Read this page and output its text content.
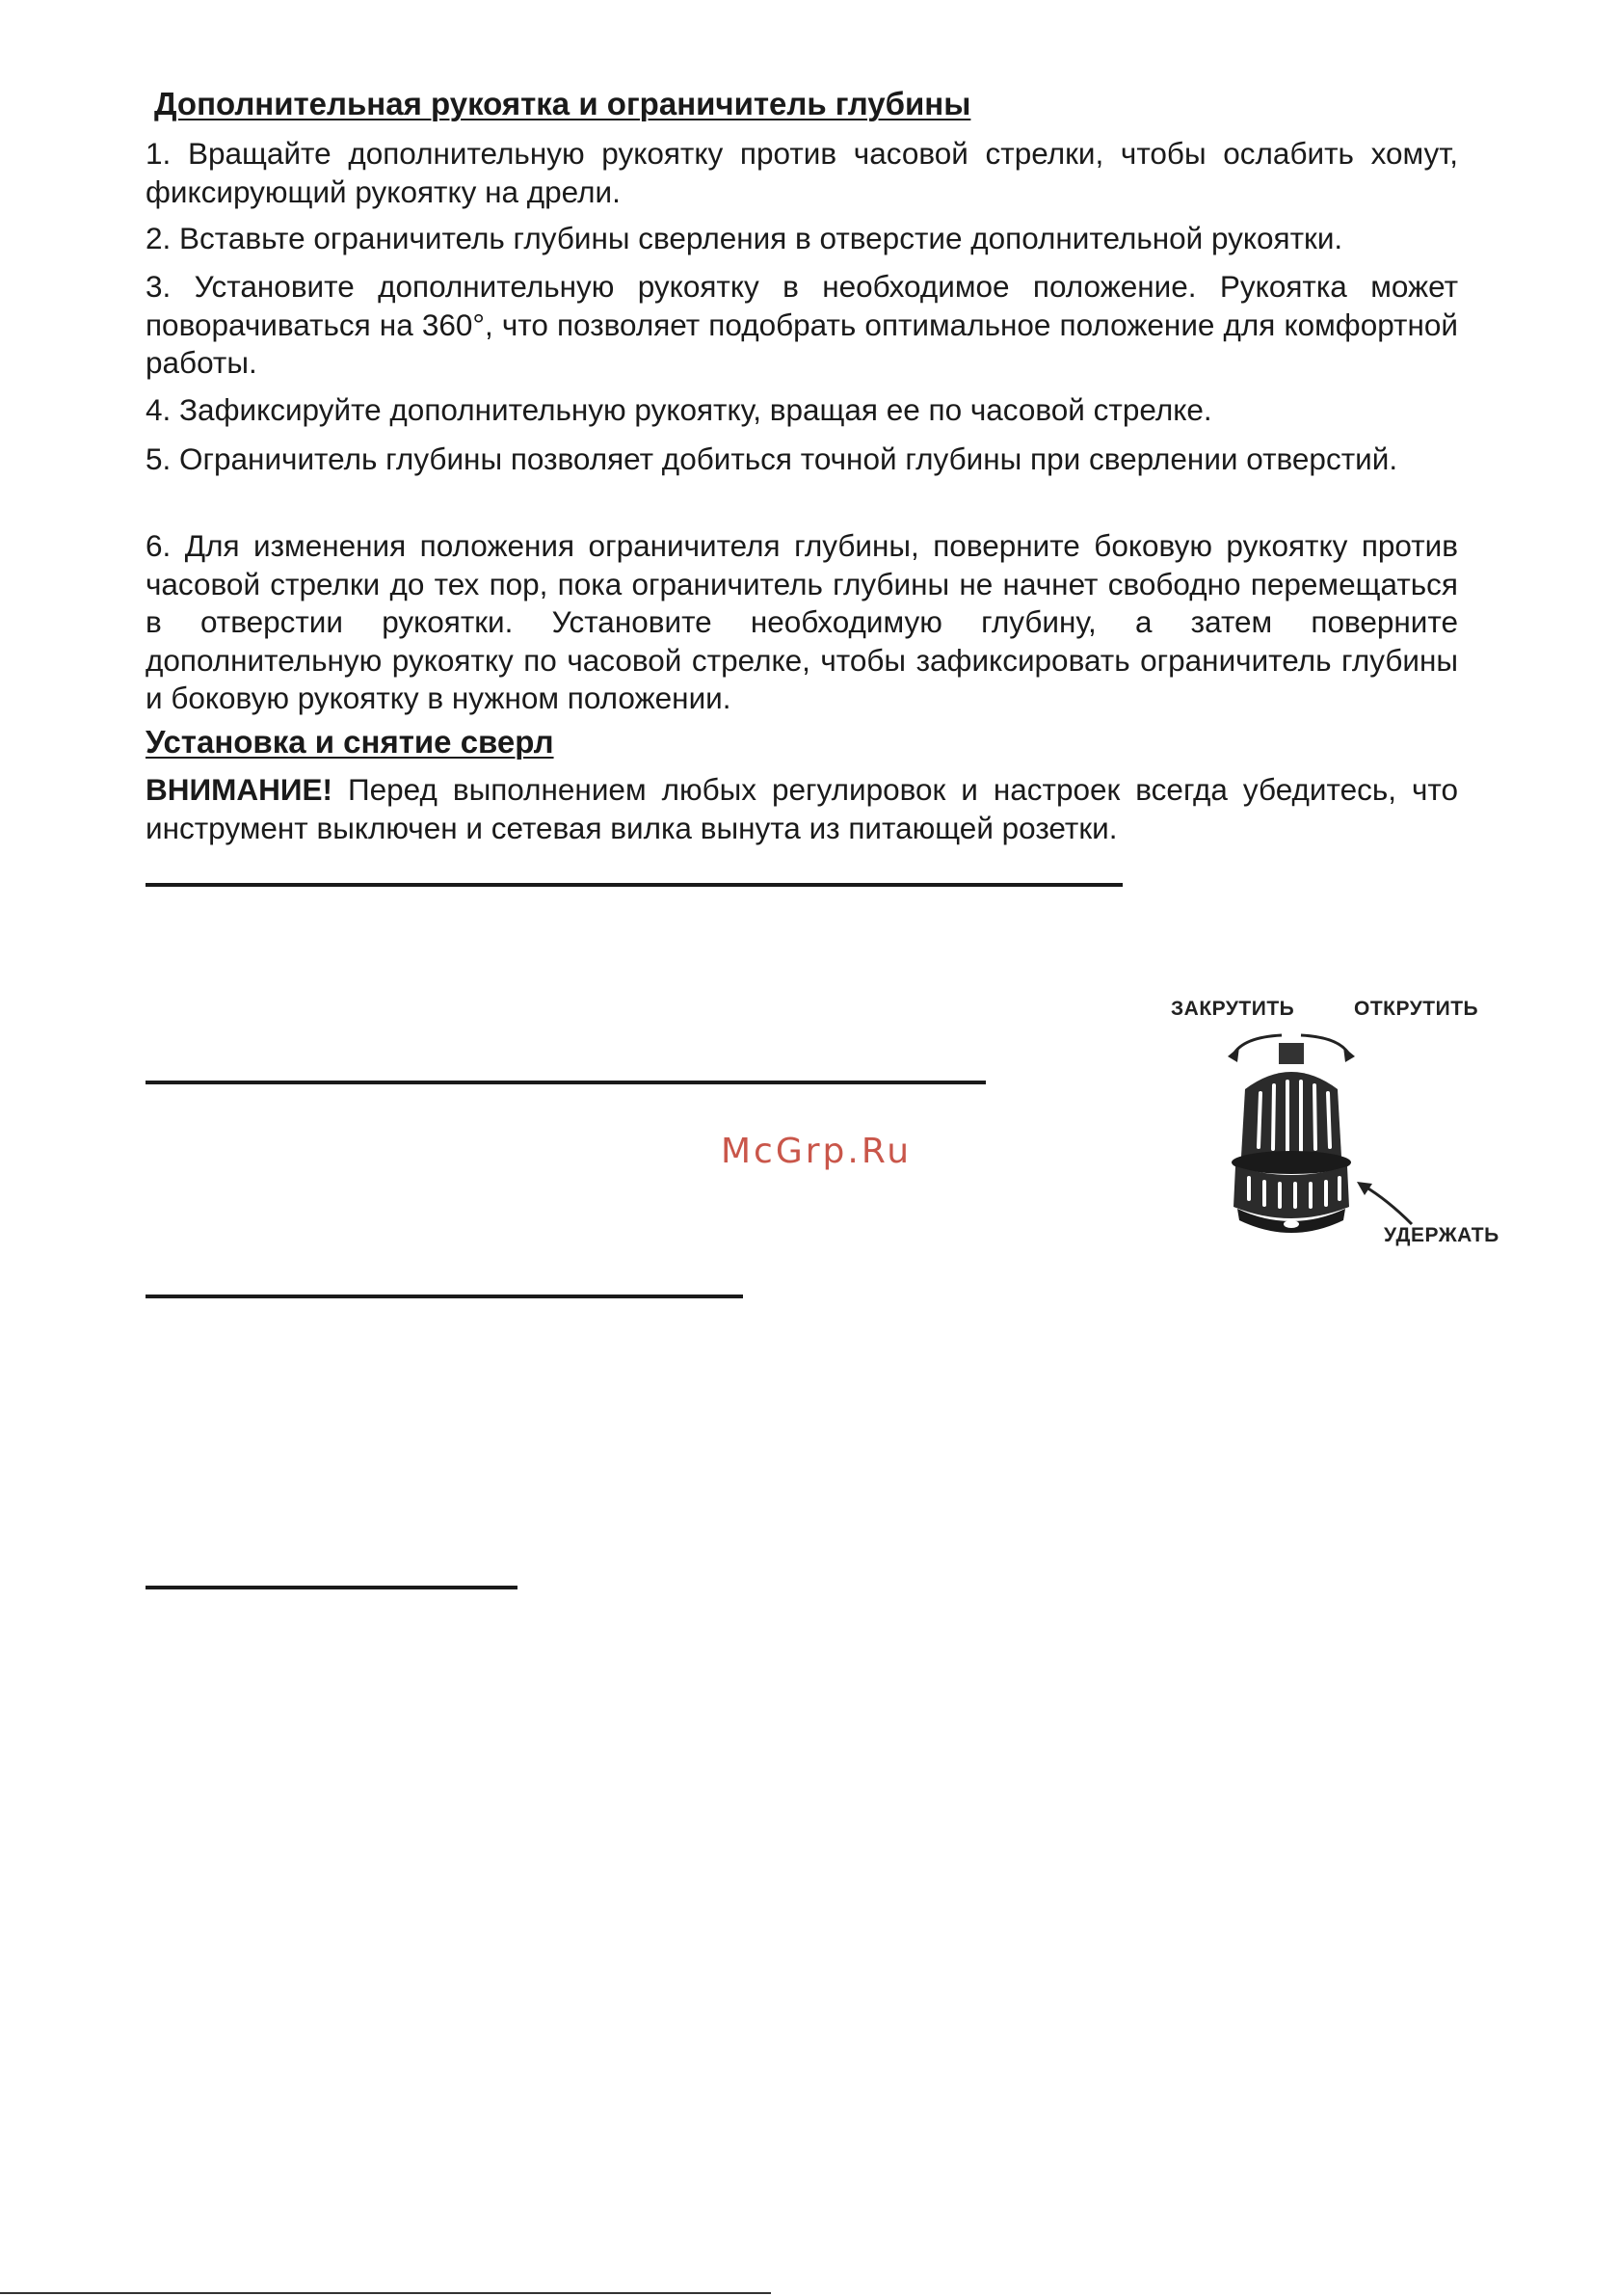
Дополнительная рукоятка и ограничитель глубины

1. Вращайте дополнительную рукоятку против часовой стрелки, чтобы ослабить хомут, фиксирующий рукоятку на дрели.

2. Вставьте ограничитель глубины сверления в отверстие дополнительной рукоятки.

3. Установите дополнительную рукоятку в необходимое положение. Рукоятка может поворачиваться на 360°, что позволяет подобрать оптимальное положение для комфортной работы.

4. Зафиксируйте дополнительную рукоятку, вращая ее по часовой стрелке.

5. Ограничитель глубины позволяет добиться точной глубины при сверлении отверстий.

6. Для изменения положения ограничителя глубины, поверните боковую рукоятку против часовой стрелки до тех пор, пока ограничитель глубины не начнет свободно перемещаться в отверстии рукоятки. Установите необходимую глубину, а затем поверните дополнительную рукоятку по часовой стрелке, чтобы зафиксировать ограничитель глубины и боковую рукоятку в нужном положении.

Установка и снятие сверл

ВНИМАНИЕ! Перед выполнением любых регулировок и настроек всегда убедитесь, что инструмент выключен и сетевая вилка вынута из питающей розетки.

McGrp.Ru
ЗАКРУТИТЬ	ОТКРУТИТЬ
УДЕРЖАТЬ
